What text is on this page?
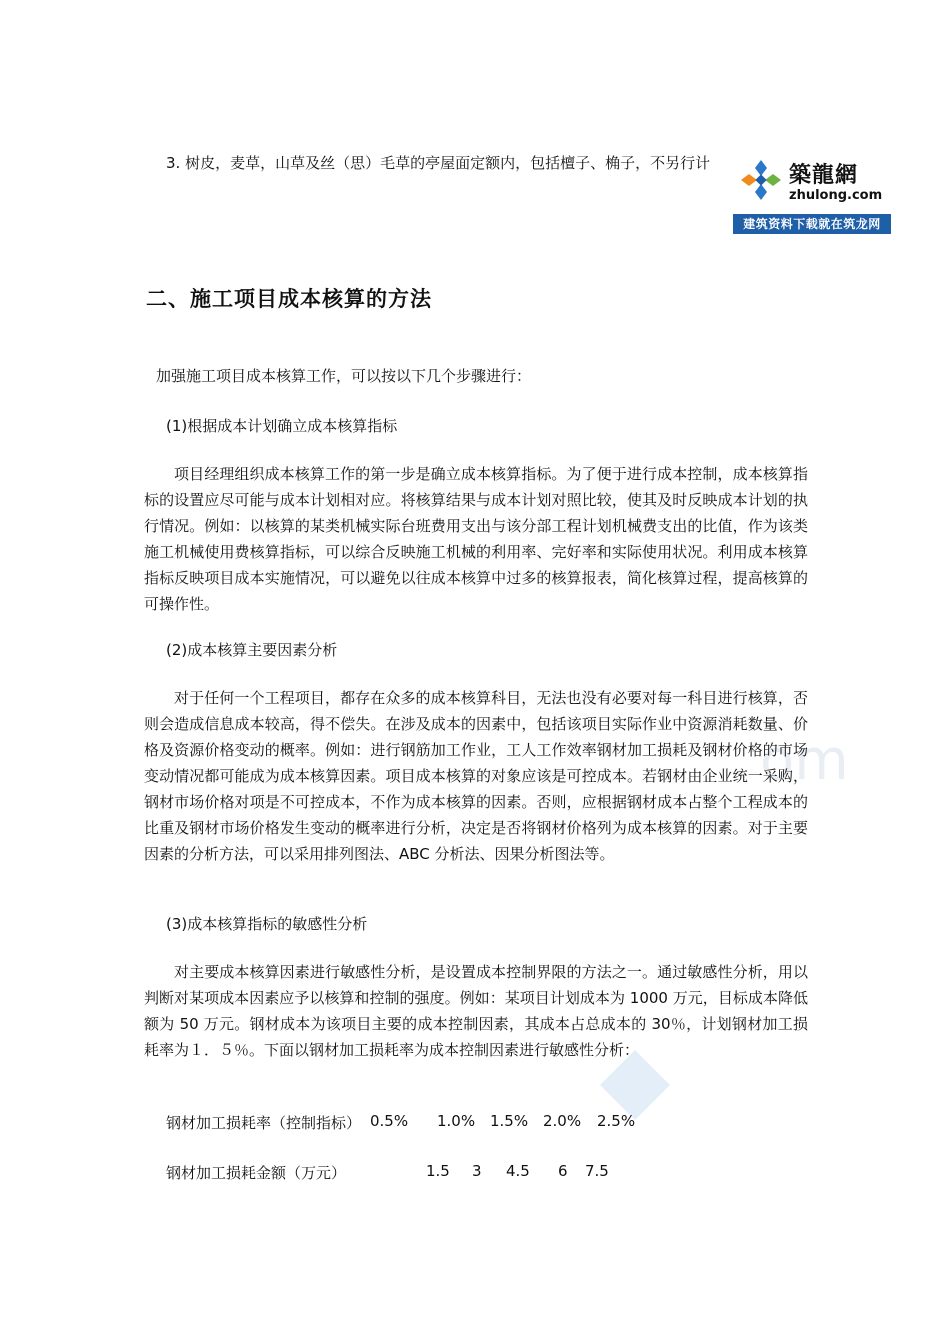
om
3. 树皮，麦草，山草及丝（思）毛草的亭屋面定额内，包括檀子、桷子，不另行计	築龍網
zhulong.com
建筑资料下载就在筑龙网
二、施工项目成本核算的方法
加强施工项目成本核算工作，可以按以下几个步骤进行：
(1)根据成本计划确立成本核算指标

项目经理组织成本核算工作的第一步是确立成本核算指标。为了便于进行成本控制，成本核算指标的设置应尽可能与成本计划相对应。将核算结果与成本计划对照比较，使其及时反映成本计划的执行情况。例如：以核算的某类机械实际台班费用支出与该分部工程计划机械费支出的比值，作为该类施工机械使用费核算指标，可以综合反映施工机械的利用率、完好率和实际使用状况。利用成本核算指标反映项目成本实施情况，可以避免以往成本核算中过多的核算报表，简化核算过程，提高核算的可操作性。

(2)成本核算主要因素分析

对于任何一个工程项目，都存在众多的成本核算科目，无法也没有必要对每一科目进行核算，否则会造成信息成本较高，得不偿失。在涉及成本的因素中，包括该项目实际作业中资源消耗数量、价格及资源价格变动的概率。例如：进行钢筋加工作业，工人工作效率钢材加工损耗及钢材价格的市场变动情况都可能成为成本核算因素。项目成本核算的对象应该是可控成本。若钢材由企业统一采购，钢材市场价格对项是不可控成本，不作为成本核算的因素。否则，应根据钢材成本占整个工程成本的比重及钢材市场价格发生变动的概率进行分析，决定是否将钢材价格列为成本核算的因素。对于主要因素的分析方法，可以采用排列图法、ABC 分析法、因果分析图法等。

(3)成本核算指标的敏感性分析

对主要成本核算因素进行敏感性分析，是设置成本控制界限的方法之一。通过敏感性分析，用以判断对某项成本因素应予以核算和控制的强度。例如：某项目计划成本为 1000 万元，目标成本降低额为 50 万元。钢材成本为该项目主要的成本控制因素，其成本占总成本的 30％，计划钢材加工损耗率为１．５％。下面以钢材加工损耗率为成本控制因素进行敏感性分析：

钢材加工损耗率（控制指标） 0.5% 1.0% 1.5% 2.0% 2.5%
钢材加工损耗金额（万元）	1.5 3 4.5 6 7.5
